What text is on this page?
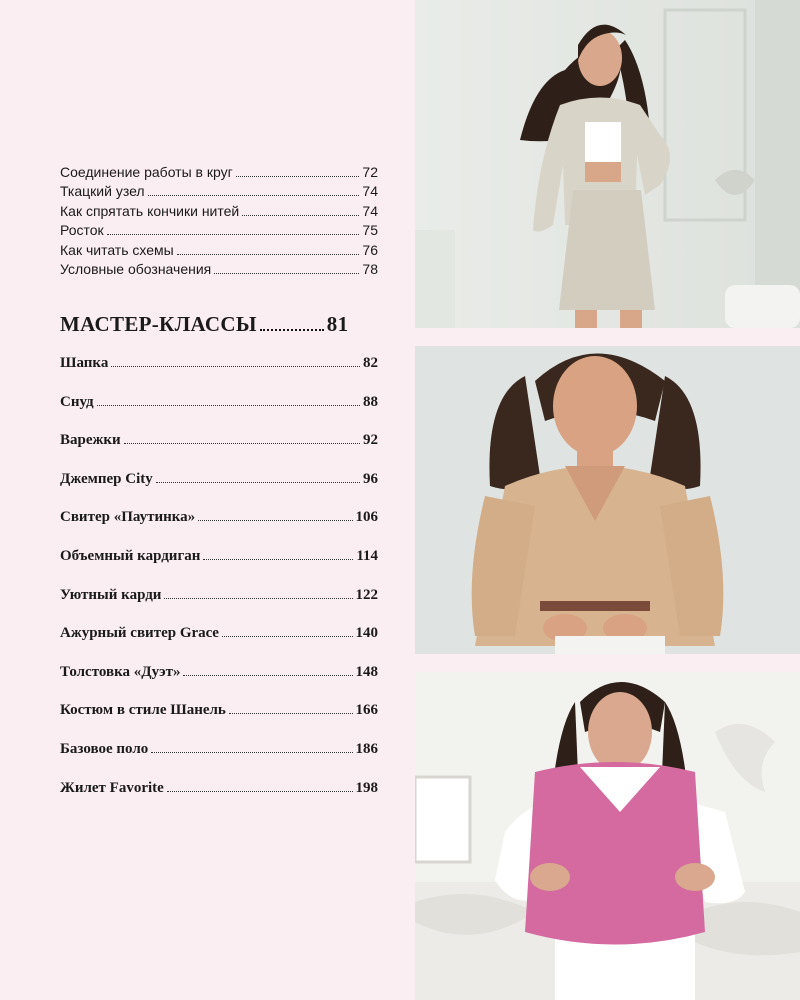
Соединение работы в круг	72
Ткацкий узел	74
Как спрятать кончики нитей	74
Росток	75
Как читать схемы	76
Условные обозначения	78
МАСТЕР-КЛАССЫ	81
Шапка	82
Снуд	88
Варежки	92
Джемпер City	96
Свитер «Паутинка»	106
Объемный кардиган	114
Уютный карди	122
Ажурный свитер Grace	140
Толстовка «Дуэт»	148
Костюм в стиле Шанель	166
Базовое поло	186
Жилет Favorite	198
